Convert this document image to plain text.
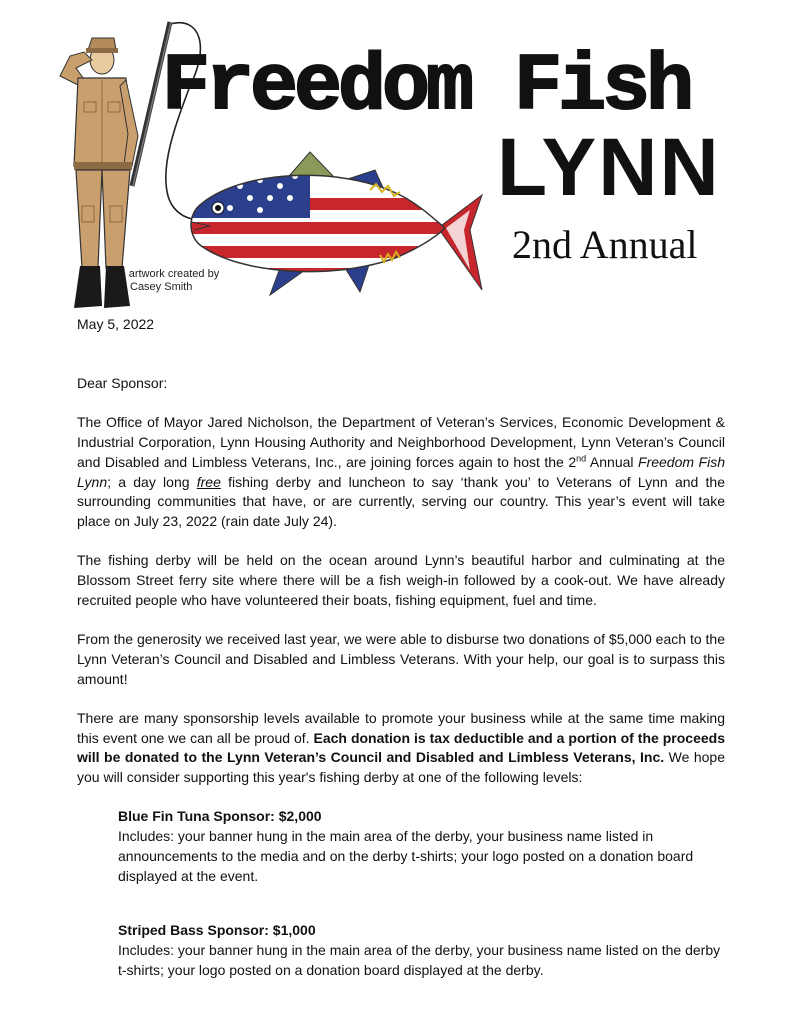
- artwork created by
Casey Smith
Freedom Fish
LYNN
2nd Annual
May 5, 2022

Dear Sponsor:

The Office of Mayor Jared Nicholson, the Department of Veteran’s Services, Economic Development & Industrial Corporation, Lynn Housing Authority and Neighborhood Development, Lynn Veteran’s Council and Disabled and Limbless Veterans, Inc., are joining forces again to host the 2nd Annual Freedom Fish Lynn; a day long free fishing derby and luncheon to say ‘thank you’ to Veterans of Lynn and the surrounding communities that have, or are currently, serving our country. This year’s event will take place on July 23, 2022 (rain date July 24).

The fishing derby will be held on the ocean around Lynn’s beautiful harbor and culminating at the Blossom Street ferry site where there will be a fish weigh-in followed by a cook-out. We have already recruited people who have volunteered their boats, fishing equipment, fuel and time.

From the generosity we received last year, we were able to disburse two donations of $5,000 each to the Lynn Veteran’s Council and Disabled and Limbless Veterans. With your help, our goal is to surpass this amount!

There are many sponsorship levels available to promote your business while at the same time making this event one we can all be proud of. Each donation is tax deductible and a portion of the proceeds will be donated to the Lynn Veteran’s Council and Disabled and Limbless Veterans, Inc. We hope you will consider supporting this year's fishing derby at one of the following levels:

Blue Fin Tuna Sponsor: $2,000
Includes: your banner hung in the main area of the derby, your business name listed in announcements to the media and on the derby t-shirts; your logo posted on a donation board displayed at the event.
Striped Bass Sponsor: $1,000
Includes: your banner hung in the main area of the derby, your business name listed on the derby t-shirts; your logo posted on a donation board displayed at the derby.
